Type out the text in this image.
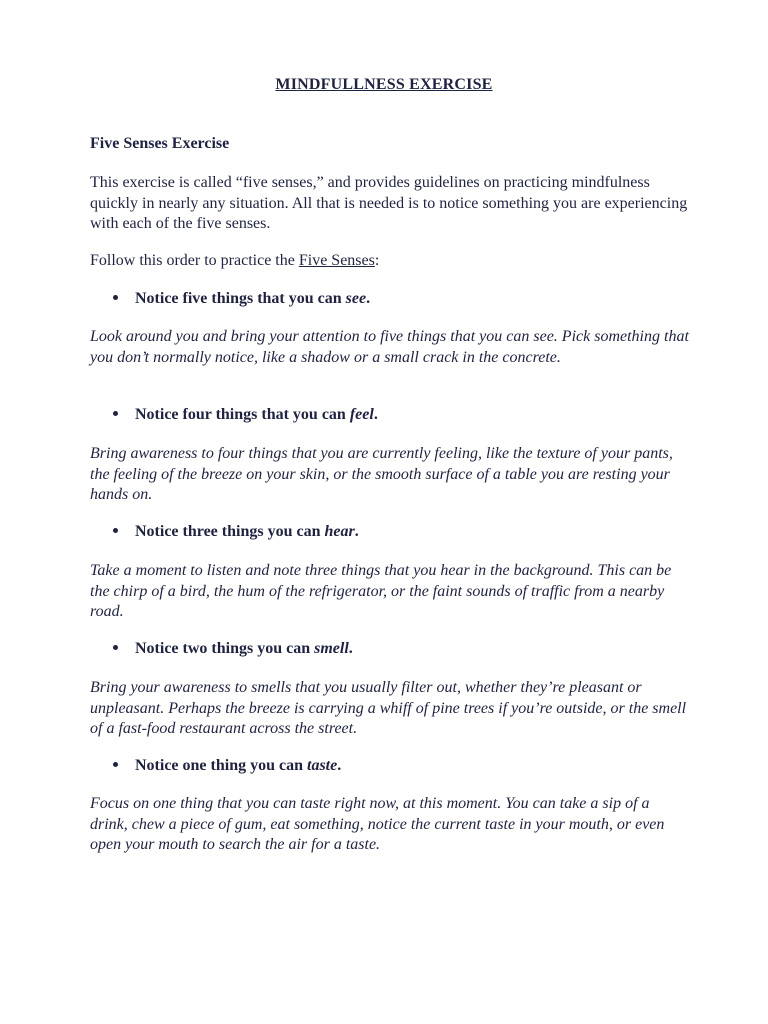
MINDFULLNESS EXERCISE
Five Senses Exercise
This exercise is called “five senses,” and provides guidelines on practicing mindfulness quickly in nearly any situation. All that is needed is to notice something you are experiencing with each of the five senses.
Follow this order to practice the Five Senses:
Notice five things that you can see.
Look around you and bring your attention to five things that you can see. Pick something that you don’t normally notice, like a shadow or a small crack in the concrete.
Notice four things that you can feel.
Bring awareness to four things that you are currently feeling, like the texture of your pants, the feeling of the breeze on your skin, or the smooth surface of a table you are resting your hands on.
Notice three things you can hear.
Take a moment to listen and note three things that you hear in the background. This can be the chirp of a bird, the hum of the refrigerator, or the faint sounds of traffic from a nearby road.
Notice two things you can smell.
Bring your awareness to smells that you usually filter out, whether they’re pleasant or unpleasant. Perhaps the breeze is carrying a whiff of pine trees if you’re outside, or the smell of a fast-food restaurant across the street.
Notice one thing you can taste.
Focus on one thing that you can taste right now, at this moment. You can take a sip of a drink, chew a piece of gum, eat something, notice the current taste in your mouth, or even open your mouth to search the air for a taste.
